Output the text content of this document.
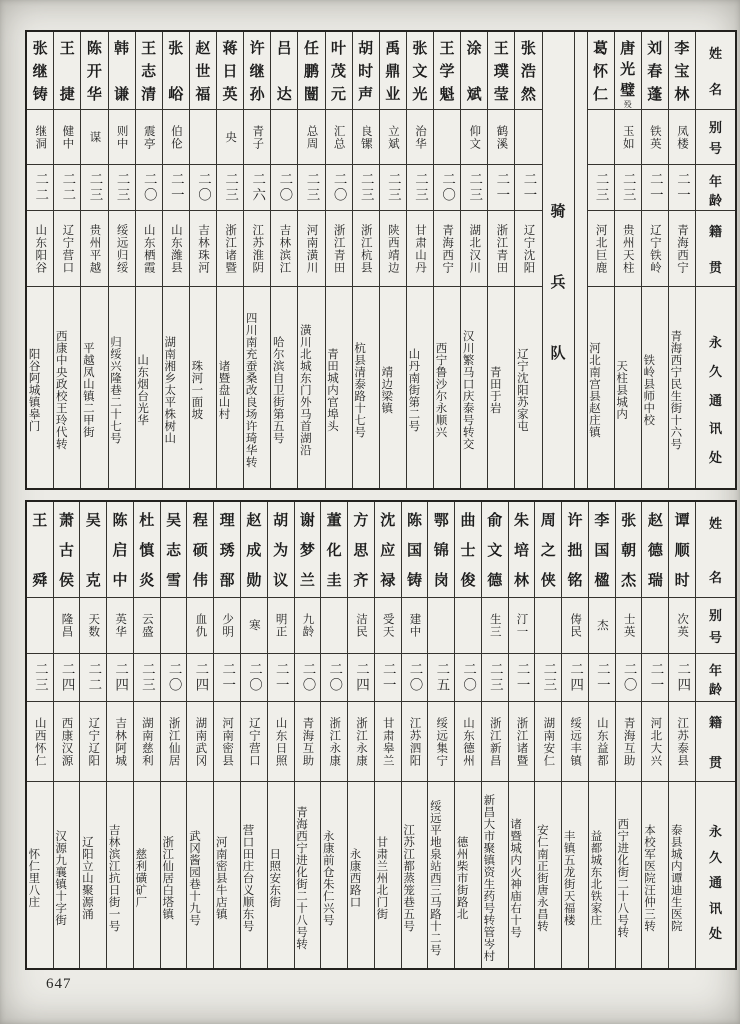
姓
名
别
号
年
龄
籍
贯
永
久
通
讯
处
李
宝
林
凤楼
二一
青海西宁
青海西宁民生街十六号
刘
春
蓬
铁英
二一
辽宁铁岭
铁岭县师中校
唐
光
璧
殁
玉如
二三
贵州天柱
天柱县城内
葛
怀
仁
二三
河北巨鹿
河北南宫县赵庄镇
骑
兵
队
张
浩
然
二一
辽宁沈阳
辽宁沈阳苏家屯
王
璞
莹
鹤溪
二一
浙江青田
青田于岩
涂
斌
仰文
二三
湖北汉川
汉川繁马口庆泰号转交
王
学
魁
二〇
青海西宁
西宁鲁沙尔永顺兴
张
文
光
治华
二三
甘肃山丹
山丹南街第二号
禹
鼎
业
立斌
二三
陕西靖边
靖边梁镇
胡
时
声
良镙
二三
浙江杭县
杭县清泰路十七号
叶
茂
元
汇总
二〇
浙江青田
青田城内官埠头
任
鹏
闓
总周
二三
河南潢川
潢川北城东门外马首湖沿
吕
达
二〇
吉林滨江
哈尔滨自卫街第五号
许
继
孙
青子
二六
江苏淮阴
四川南充蚕桑改良场许琦华转
蒋
日
英
央
二三
浙江诸暨
诸暨盘山村
赵
世
福
二〇
吉林珠河
珠河一面坡
张
峪
伯伦
二一
山东潍县
湖南湘乡太平株树山
王
志
清
震亭
二〇
山东栖霞
山东烟台光华
韩
谦
则中
二三
绥远归绥
归绥兴隆巷二十七号
陈
开
华
谋
二三
贵州平越
平越凤山镇二甲街
王
捷
健中
二二
辽宁营口
西康中央政校王玲代转
张
继
铸
继洞
二二
山东阳谷
阳谷阿城镇皋门
姓
名
别
号
年
龄
籍
贯
永
久
通
讯
处
谭
顺
时
次英
二四
江苏泰县
泰县城内谭迪生医院
赵
德
瑞
二一
河北大兴
本校军医院汪仲三转
张
朝
杰
士英
二〇
青海互助
西宁进化街二十八号转
李
国
楹
杰
二一
山东益都
益都城东北铁家庄
许
拙
铭
俦民
二四
绥远丰镇
丰镇五龙街天福楼
周
之
侠
二三
湖南安仁
安仁南正街唐永昌转
朱
培
林
汀一
二一
浙江诸暨
诸暨城内火神庙右十号
俞
文
德
生三
二三
浙江新昌
新昌大市聚镇资生药号转管岑村
曲
士
俊
二〇
山东德州
德州柴市街路北
鄂
锦
岗
二五
绥远集宁
绥远平地泉站西三马路十二号
陈
国
铸
建中
二〇
江苏泗阳
江苏江都蒸笼巷五号
沈
应
禄
受天
二一
甘肃皋兰
甘肃兰州北门街
方
思
齐
洁民
二四
浙江永康
永康西路口
董
化
圭
二〇
浙江永康
永康前仓朱仁兴号
谢
梦
兰
九龄
二〇
青海互助
青海西宁进化街二十八号转
胡
为
议
明正
二一
山东日照
日照安东街
赵
成
勋
寒
二〇
辽宁营口
营口田庄台义顺东号
理
琇
郚
少明
二一
河南密县
河南密县牛店镇
程
硕
伟
血仇
二四
湖南武冈
武冈酱园巷十九号
吴
志
雪
二〇
浙江仙居
浙江仙居白塔镇
杜
慎
炎
云盛
二三
湖南慈利
慈利磺矿厂
陈
启
中
英华
二四
吉林阿城
吉林滨江抗日街一号
吴
克
天数
二二
辽宁辽阳
辽阳立山聚源涌
萧
古
侯
隆昌
二四
西康汉源
汉源九襄镇十字街
王
舜
二三
山西怀仁
怀仁里八庄
647
